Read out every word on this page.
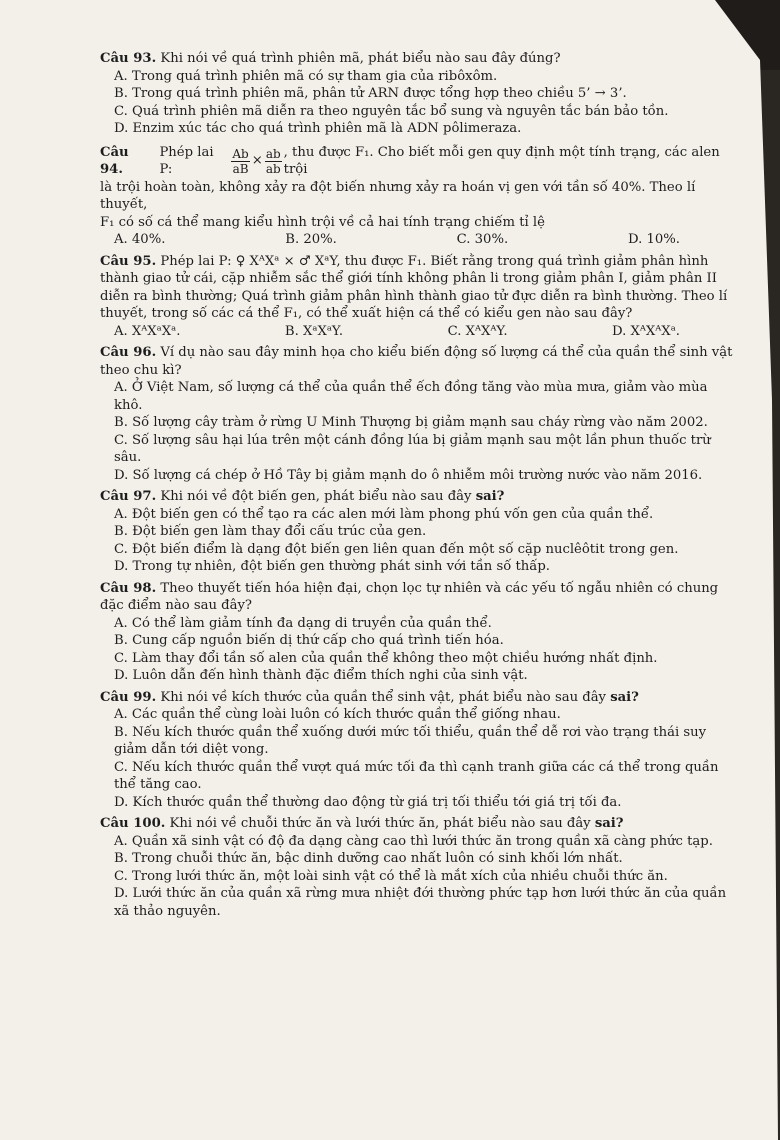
Câu 93. Khi nói về quá trình phiên mã, phát biểu nào sau đây đúng?
A. Trong quá trình phiên mã có sự tham gia của ribôxôm.
B. Trong quá trình phiên mã, phân tử ARN được tổng hợp theo chiều 5’ → 3’.
C. Quá trình phiên mã diễn ra theo nguyên tắc bổ sung và nguyên tắc bán bảo tồn.
D. Enzim xúc tác cho quá trình phiên mã là ADN pôlimeraza.
Câu 94.

Phép lai P:	$\frac{Ab}{aB} \times \frac{ab}{ab}$ , thu được F₁. Cho biết mỗi gen quy định một tính trạng, các alen trội
là trội hoàn toàn, không xảy ra đột biến nhưng xảy ra hoán vị gen với tần số 40%. Theo lí thuyết,
F₁ có số cá thể mang kiểu hình trội về cả hai tính trạng chiếm tỉ lệ
A. 40%.	B. 20%.	C. 30%.	D. 10%.
Câu 95. Phép lai P: ♀ XᴬXᵃ × ♂ XᵃY, thu được F₁. Biết rằng trong quá trình giảm phân hình thành giao tử cái, cặp nhiễm sắc thể giới tính không phân li trong giảm phân I, giảm phân II diễn ra bình thường; Quá trình giảm phân hình thành giao tử đực diễn ra bình thường. Theo lí thuyết, trong số các cá thể F₁, có thể xuất hiện cá thể có kiểu gen nào sau đây?
A. XᴬXᵃXᵃ.	B. XᵃXᵃY.	C. XᴬXᴬY.	D. XᴬXᴬXᵃ.
Câu 96. Ví dụ nào sau đây minh họa cho kiểu biến động số lượng cá thể của quần thể sinh vật theo chu kì?
A. Ở Việt Nam, số lượng cá thể của quần thể ếch đồng tăng vào mùa mưa, giảm vào mùa khô.
B. Số lượng cây tràm ở rừng U Minh Thượng bị giảm mạnh sau cháy rừng vào năm 2002.
C. Số lượng sâu hại lúa trên một cánh đồng lúa bị giảm mạnh sau một lần phun thuốc trừ sâu.
D. Số lượng cá chép ở Hồ Tây bị giảm mạnh do ô nhiễm môi trường nước vào năm 2016.
Câu 97. Khi nói về đột biến gen, phát biểu nào sau đây sai?
A. Đột biến gen có thể tạo ra các alen mới làm phong phú vốn gen của quần thể.
B. Đột biến gen làm thay đổi cấu trúc của gen.
C. Đột biến điểm là dạng đột biến gen liên quan đến một số cặp nuclêôtit trong gen.
D. Trong tự nhiên, đột biến gen thường phát sinh với tần số thấp.
Câu 98. Theo thuyết tiến hóa hiện đại, chọn lọc tự nhiên và các yếu tố ngẫu nhiên có chung đặc điểm nào sau đây?
A. Có thể làm giảm tính đa dạng di truyền của quần thể.
B. Cung cấp nguồn biến dị thứ cấp cho quá trình tiến hóa.
C. Làm thay đổi tần số alen của quần thể không theo một chiều hướng nhất định.
D. Luôn dẫn đến hình thành đặc điểm thích nghi của sinh vật.
Câu 99. Khi nói về kích thước của quần thể sinh vật, phát biểu nào sau đây sai?
A. Các quần thể cùng loài luôn có kích thước quần thể giống nhau.
B. Nếu kích thước quần thể xuống dưới mức tối thiểu, quần thể dễ rơi vào trạng thái suy giảm dẫn tới diệt vong.
C. Nếu kích thước quần thể vượt quá mức tối đa thì cạnh tranh giữa các cá thể trong quần thể tăng cao.
D. Kích thước quần thể thường dao động từ giá trị tối thiểu tới giá trị tối đa.
Câu 100. Khi nói về chuỗi thức ăn và lưới thức ăn, phát biểu nào sau đây sai?
A. Quần xã sinh vật có độ đa dạng càng cao thì lưới thức ăn trong quần xã càng phức tạp.
B. Trong chuỗi thức ăn, bậc dinh dưỡng cao nhất luôn có sinh khối lớn nhất.
C. Trong lưới thức ăn, một loài sinh vật có thể là mắt xích của nhiều chuỗi thức ăn.
D. Lưới thức ăn của quần xã rừng mưa nhiệt đới thường phức tạp hơn lưới thức ăn của quần xã thảo nguyên.
